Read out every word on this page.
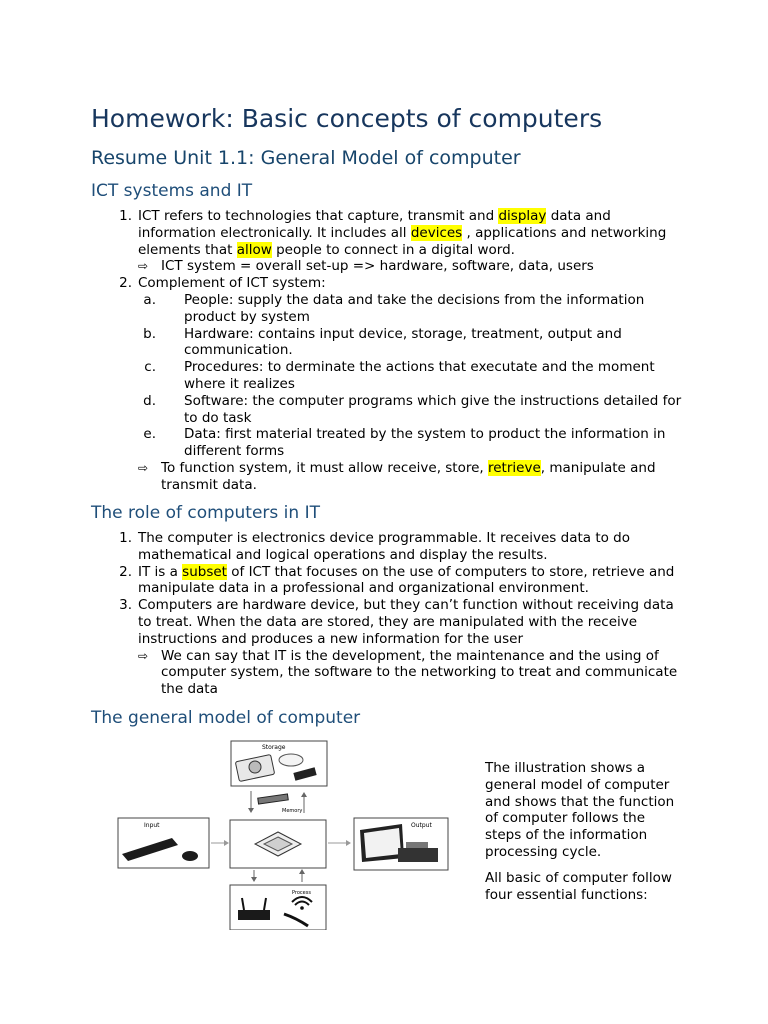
Homework: Basic concepts of computers
Resume Unit 1.1: General Model of computer
ICT systems and IT
1. ICT refers to technologies that capture, transmit and display data and information electronically. It includes all devices , applications and networking elements that allow people to connect in a digital word.
⇨ ICT system = overall set-up => hardware, software, data, users
2. Complement of ICT system:
a. People: supply the data and take the decisions from the information product by system
b. Hardware: contains input device, storage, treatment, output and communication.
c. Procedures: to derminate the actions that executate and the moment where it realizes
d. Software: the computer programs which give the instructions detailed for to do task
e. Data: first material treated by the system to product the information in different forms
⇨ To function system, it must allow receive, store, retrieve, manipulate and transmit data.
The role of computers in IT
1. The computer is electronics device programmable. It receives data to do mathematical and logical operations and display the results.
2. IT is a subset of ICT that focuses on the use of computers to store, retrieve and manipulate data in a professional and organizational environment.
3. Computers are hardware device, but they can’t function without receiving data to treat. When the data are stored, they are manipulated with the receive instructions and produces a new information for the user
⇨ We can say that IT is the development, the maintenance and the using of computer system, the software to the networking to treat and communicate the data
The general model of computer
Storage
Memory
Input	Output
Process

The illustration shows a general model of computer and shows that the function of computer follows the steps of the information processing cycle.

All basic of computer follow four essential functions:
